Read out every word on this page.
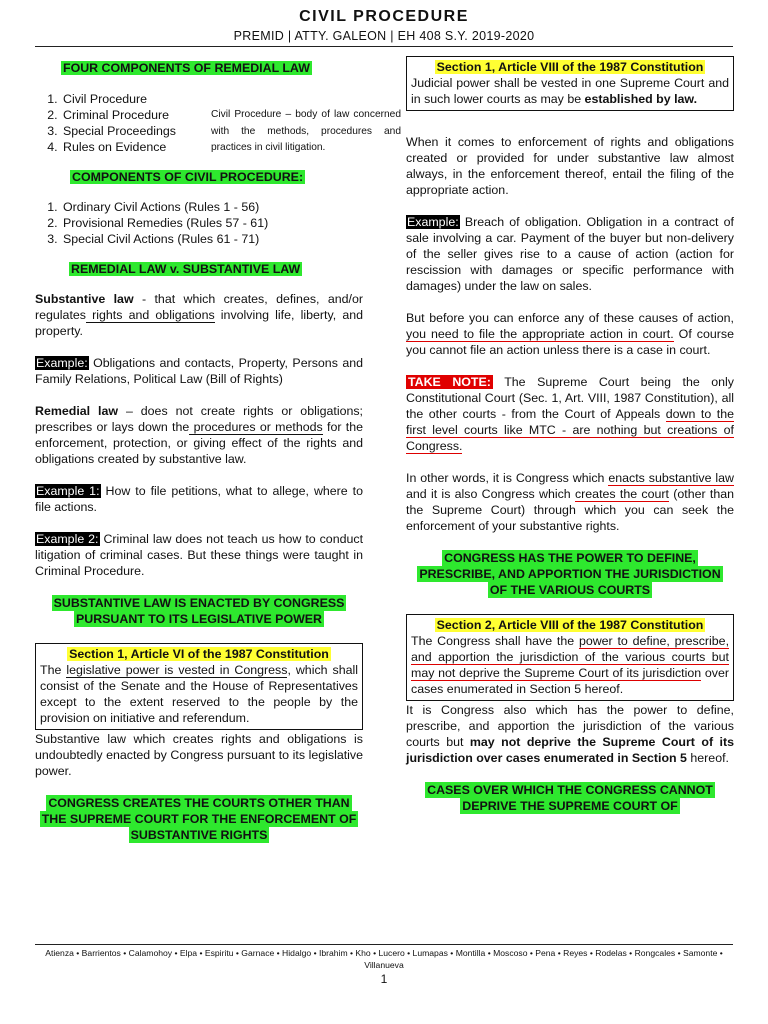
CIVIL PROCEDURE
PREMID | ATTY. GALEON | EH 408 S.Y. 2019-2020
FOUR COMPONENTS OF REMEDIAL LAW
1. Civil Procedure
2. Criminal Procedure
3. Special Proceedings
4. Rules on Evidence
COMPONENTS OF CIVIL PROCEDURE:
1. Ordinary Civil Actions (Rules 1 - 56)
2. Provisional Remedies (Rules 57 - 61)
3. Special Civil Actions (Rules 61 - 71)
REMEDIAL LAW v. SUBSTANTIVE LAW

Substantive law - that which creates, defines, and/or regulates rights and obligations involving life, liberty, and property.

Example: Obligations and contacts, Property, Persons and Family Relations, Political Law (Bill of Rights)

Remedial law – does not create rights or obligations; prescribes or lays down the procedures or methods for the enforcement, protection, or giving effect of the rights and obligations created by substantive law.

Example 1: How to file petitions, what to allege, where to file actions.

Example 2: Criminal law does not teach us how to conduct litigation of criminal cases. But these things were taught in Criminal Procedure.

SUBSTANTIVE LAW IS ENACTED BY CONGRESS PURSUANT TO ITS LEGISLATIVE POWER
Section 1, Article VI of the 1987 Constitution
The legislative power is vested in Congress, which shall consist of the Senate and the House of Representatives except to the extent reserved to the people by the provision on initiative and referendum.

Substantive law which creates rights and obligations is undoubtedly enacted by Congress pursuant to its legislative power.

CONGRESS CREATES THE COURTS OTHER THAN THE SUPREME COURT FOR THE ENFORCEMENT OF SUBSTANTIVE RIGHTS
Civil Procedure – body of law concerned with the methods, procedures and practices in civil litigation.
Section 1, Article VIII of the 1987 Constitution
Judicial power shall be vested in one Supreme Court and in such lower courts as may be established by law.

When it comes to enforcement of rights and obligations created or provided for under substantive law almost always, in the enforcement thereof, entail the filing of the appropriate action.

Example: Breach of obligation. Obligation in a contract of sale involving a car. Payment of the buyer but non-delivery of the seller gives rise to a cause of action (action for rescission with damages or specific performance with damages) under the law on sales.

But before you can enforce any of these causes of action, you need to file the appropriate action in court. Of course you cannot file an action unless there is a case in court.

TAKE NOTE: The Supreme Court being the only Constitutional Court (Sec. 1, Art. VIII, 1987 Constitution), all the other courts - from the Court of Appeals down to the first level courts like MTC - are nothing but creations of Congress.

In other words, it is Congress which enacts substantive law and it is also Congress which creates the court (other than the Supreme Court) through which you can seek the enforcement of your substantive rights.

CONGRESS HAS THE POWER TO DEFINE, PRESCRIBE, AND APPORTION THE JURISDICTION OF THE VARIOUS COURTS
Section 2, Article VIII of the 1987 Constitution
The Congress shall have the power to define, prescribe, and apportion the jurisdiction of the various courts but may not deprive the Supreme Court of its jurisdiction over cases enumerated in Section 5 hereof.

It is Congress also which has the power to define, prescribe, and apportion the jurisdiction of the various courts but may not deprive the Supreme Court of its jurisdiction over cases enumerated in Section 5 hereof.

CASES OVER WHICH THE CONGRESS CANNOT DEPRIVE THE SUPREME COURT OF
Atienza • Barrientos • Calamohoy • Elpa • Espiritu • Garnace • Hidalgo • Ibrahim • Kho • Lucero • Lumapas • Montilla • Moscoso • Pena • Reyes • Rodelas • Rongcales • Samonte • Villanueva
1
